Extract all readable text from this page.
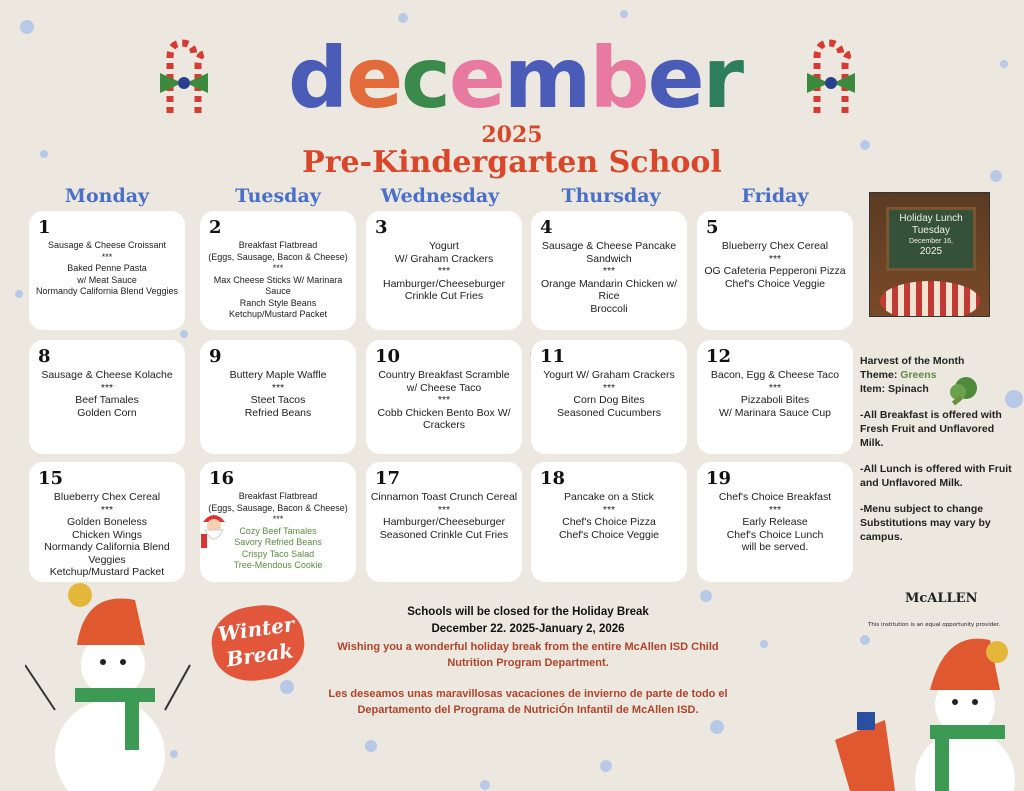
d e c e m b e r
2025
Pre-Kindergarten School
Monday	Tuesday	Wednesday	Thursday	Friday
1
Sausage & Cheese Croissant
***
Baked Penne Pasta
w/ Meat Sauce
Normandy California Blend Veggies
2
Breakfast Flatbread
(Eggs, Sausage, Bacon & Cheese)
***
Max Cheese Sticks W/ Marinara Sauce
Ranch Style Beans
Ketchup/Mustard Packet
3
Yogurt
W/ Graham Crackers
***
Hamburger/Cheeseburger
Crinkle Cut Fries
4
Sausage & Cheese Pancake
Sandwich
***
Orange Mandarin Chicken w/
Rice
Broccoli
5
Blueberry Chex Cereal
***
OG Cafeteria Pepperoni Pizza
Chef's Choice Veggie
8
Sausage & Cheese Kolache
***
Beef Tamales
Golden Corn
9
Buttery Maple Waffle
***
Steet Tacos
Refried Beans
10
Country Breakfast Scramble
w/ Cheese Taco
***
Cobb Chicken Bento Box W/
Crackers
11
Yogurt W/ Graham Crackers
***
Corn Dog Bites
Seasoned Cucumbers
12
Bacon, Egg & Cheese Taco
***
Pizzaboli Bites
W/ Marinara Sauce Cup
15
Blueberry Chex Cereal
***
Golden Boneless
Chicken Wings
Normandy California Blend
Veggies
Ketchup/Mustard Packet
16
Breakfast Flatbread
(Eggs, Sausage, Bacon & Cheese)
***
Cozy Beef Tamales
Savory Refried Beans
Crispy Taco Salad
Tree-Mendous Cookie
17
Cinnamon Toast Crunch Cereal
***
Hamburger/Cheeseburger
Seasoned Crinkle Cut Fries
18
Pancake on a Stick
***
Chef's Choice Pizza
Chef's Choice Veggie
19
Chef's Choice Breakfast
***
Early Release
Chef's Choice Lunch
will be served.
Holiday Lunch
Tuesday
December 16,
2025
Harvest of the Month
Theme: Greens
Item: Spinach
-All Breakfast is offered with Fresh Fruit and Unflavored Milk.
-All Lunch is offered with Fruit and Unflavored Milk.
-Menu subject to change Substitutions may vary by campus.
McALLEN
This institution is an equal opportunity provider.
Winter
Break
Schools will be closed for the Holiday Break
December 22. 2025-January 2, 2026
Wishing you a wonderful holiday break from the entire McAllen ISD Child Nutrition Program Department.
Les deseamos unas maravillosas vacaciones de invierno de parte de todo el Departamento del Programa de NutriciÓn Infantil de McAllen ISD.
